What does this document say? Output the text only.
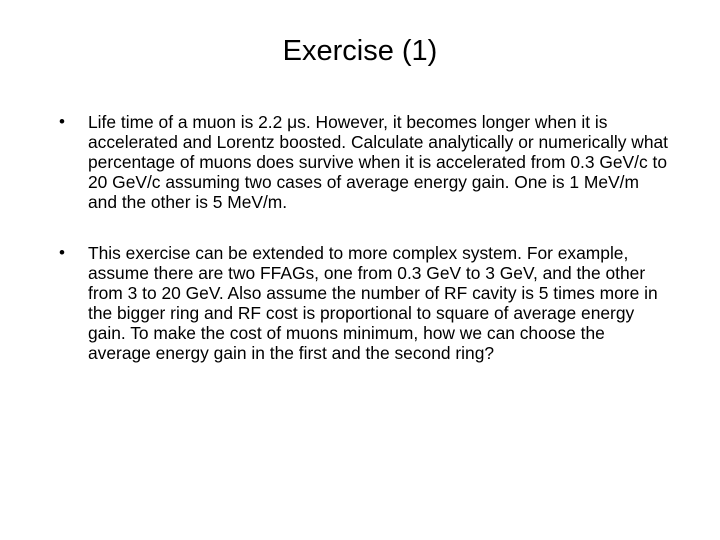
Exercise (1)
• Life time of a muon is 2.2 μs. However, it becomes longer when it is accelerated and Lorentz boosted. Calculate analytically or numerically what percentage of muons does survive when it is accelerated from 0.3 GeV/c to 20 GeV/c assuming two cases of average energy gain. One is 1 MeV/m and the other is 5 MeV/m.
• This exercise can be extended to more complex system. For example, assume there are two FFAGs, one from 0.3 GeV to 3 GeV, and the other from 3 to 20 GeV. Also assume the number of RF cavity is 5 times more in the bigger ring and RF cost is proportional to square of average energy gain. To make the cost of muons minimum, how we can choose the average energy gain in the first and the second ring?
